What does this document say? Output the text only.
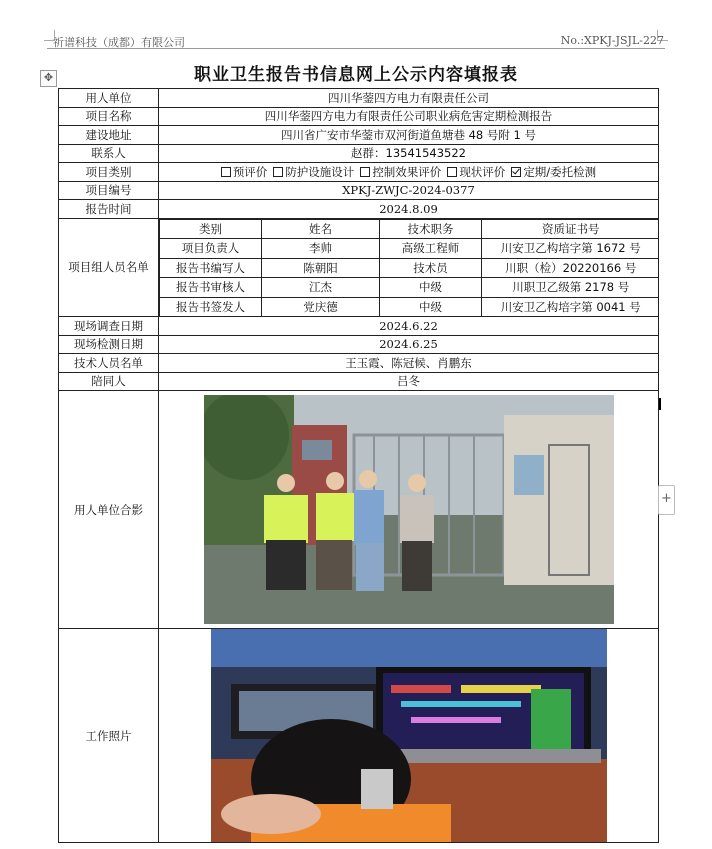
祈谱科技（成都）有限公司	No.:XPKJ-JSJL-227
✥	职业卫生报告书信息网上公示内容填报表
用人单位	四川华蓥四方电力有限责任公司
项目名称	四川华蓥四方电力有限责任公司职业病危害定期检测报告
建设地址	四川省广安市华蓥市双河街道鱼塘巷 48 号附 1 号
联系人	赵群：13541543522
项目类别	预评价 防护设施设计 控制效果评价 现状评价 定期/委托检测
项目编号	XPKJ-ZWJC-2024-0377
报告时间	2024.8.09
项目组人员名单	
类别	姓名	技术职务	资质证书号
项目负责人	李帅	高级工程师	川安卫乙构培字第 1672 号
报告书编写人	陈朝阳	技术员	川职（检）20220166 号
报告书审核人	江杰	中级	川职卫乙级第 2178 号
报告书签发人	党庆德	中级	川安卫乙构培字第 0041 号

现场调查日期	2024.6.22
现场检测日期	2024.6.25
技术人员名单	王玉霞、陈冠候、肖鹏东
陪同人	吕冬
用人单位合影	

工作照片	
+
